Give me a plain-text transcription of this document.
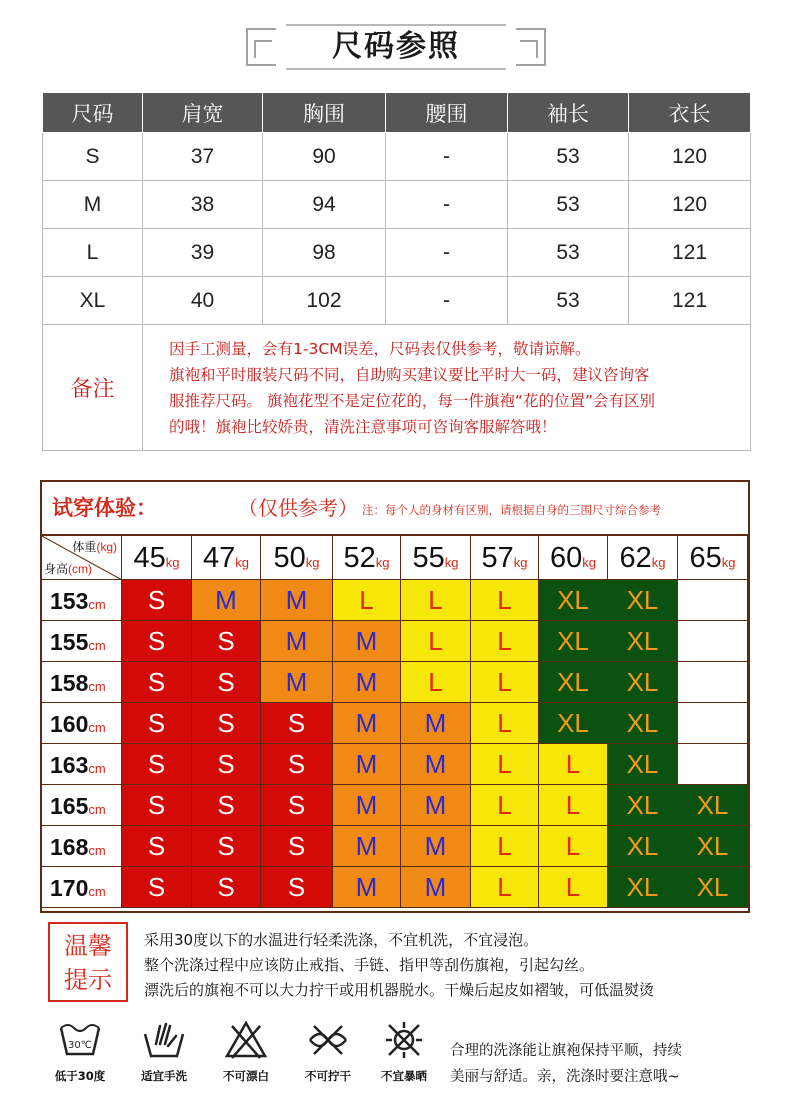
尺码参照
尺码	肩宽	胸围	腰围	袖长	衣长
S	37	90	-	53	120
M	38	94	-	53	120
L	39	98	-	53	121
XL	40	102	-	53	121
备注	因手工测量，会有1-3CM误差，尺码表仅供参考，敬请谅解。
旗袍和平时服装尺码不同，自助购买建议要比平时大一码，建议咨询客
服推荐尺码。 旗袍花型不是定位花的，每一件旗袍“花的位置”会有区别
的哦！旗袍比较娇贵，清洗注意事项可咨询客服解答哦！				
试穿体验：	（仅供参考） 注：每个人的身材有区别，请根据自身的三围尺寸综合参考
体重(kg)
身高(cm)	45kg 47kg 50kg 52kg 55kg 57kg 60kg 62kg 65kg
153cm	S	M	M	L	L	L	XL	XL
155cm	S	S	M	M	L	L	XL	XL
158cm	S	S	M	M	L	L	XL	XL
160cm	S	S	S	M	M	L	XL	XL
163cm	S	S	S	M	M	L	L	XL
165cm	S	S	S	M	M	L	L	XL	XL
168cm	S	S	S	M	M	L	L	XL	XL
170cm	S	S	S	M	M	L	L	XL	XL
温馨
提示
采用30度以下的水温进行轻柔洗涤，不宜机洗，不宜浸泡。
整个洗涤过程中应该防止戒指、手链、指甲等刮伤旗袍，引起勾丝。
漂洗后的旗袍不可以大力拧干或用机器脱水。干燥后起皮如褶皱，可低温熨烫
30℃
低于30度	适宜手洗	不可漂白	不可拧干	不宜暴晒
合理的洗涤能让旗袍保持平顺，持续
美丽与舒适。亲，洗涤时要注意哦~
